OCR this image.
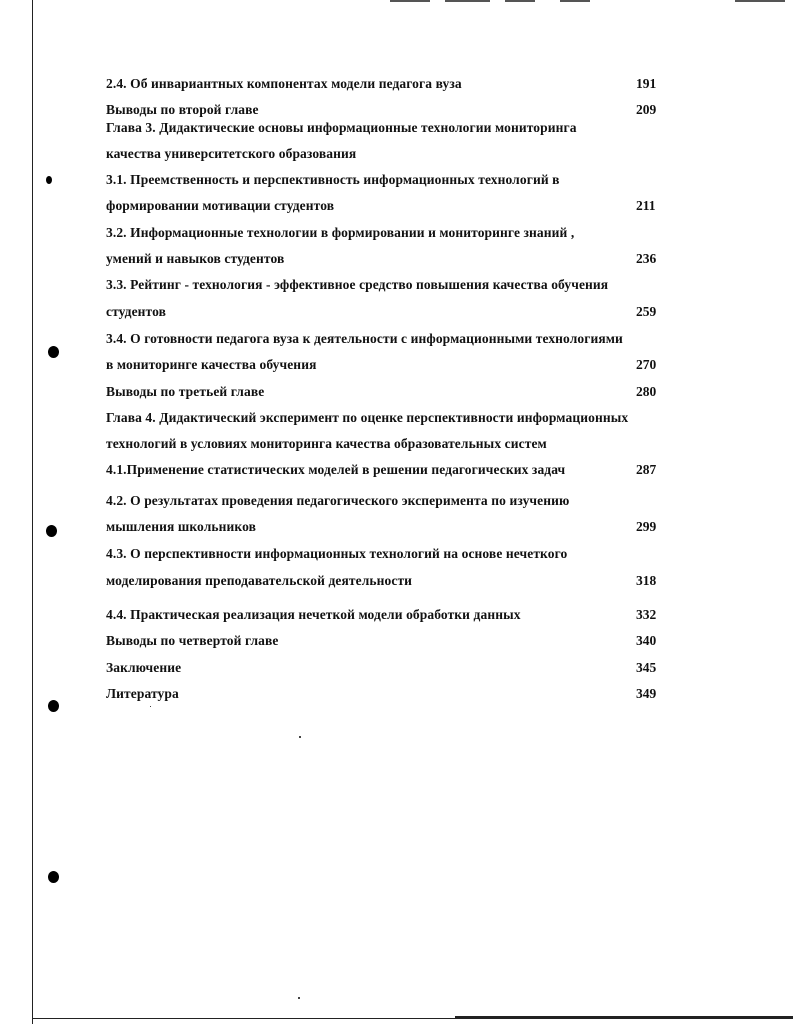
2.4. Об инвариантных компонентах модели педагога вуза	191
Выводы по второй главе	209
Глава 3. Дидактические основы информационные технологии мониторинга
качества университетского образования
3.1. Преемственность и перспективность информационных технологий в
формировании мотивации студентов	211
3.2. Информационные технологии в формировании и мониторинге знаний ,
умений и навыков студентов	236
3.3. Рейтинг - технология - эффективное средство повышения качества обучения
студентов	259
3.4. О готовности педагога вуза к деятельности с информационными технологиями
в мониторинге качества обучения	270
Выводы по третьей главе	280
Глава 4. Дидактический эксперимент по оценке перспективности информационных
технологий в условиях мониторинга качества образовательных систем
4.1.Применение статистических моделей в решении педагогических задач	287
4.2. О результатах проведения педагогического эксперимента по изучению
мышления школьников	299
4.3. О перспективности информационных технологий на основе нечеткого
моделирования преподавательской деятельности	318
4.4. Практическая реализация нечеткой модели обработки данных	332
Выводы по четвертой главе	340
Заключение	345
Литература	349
